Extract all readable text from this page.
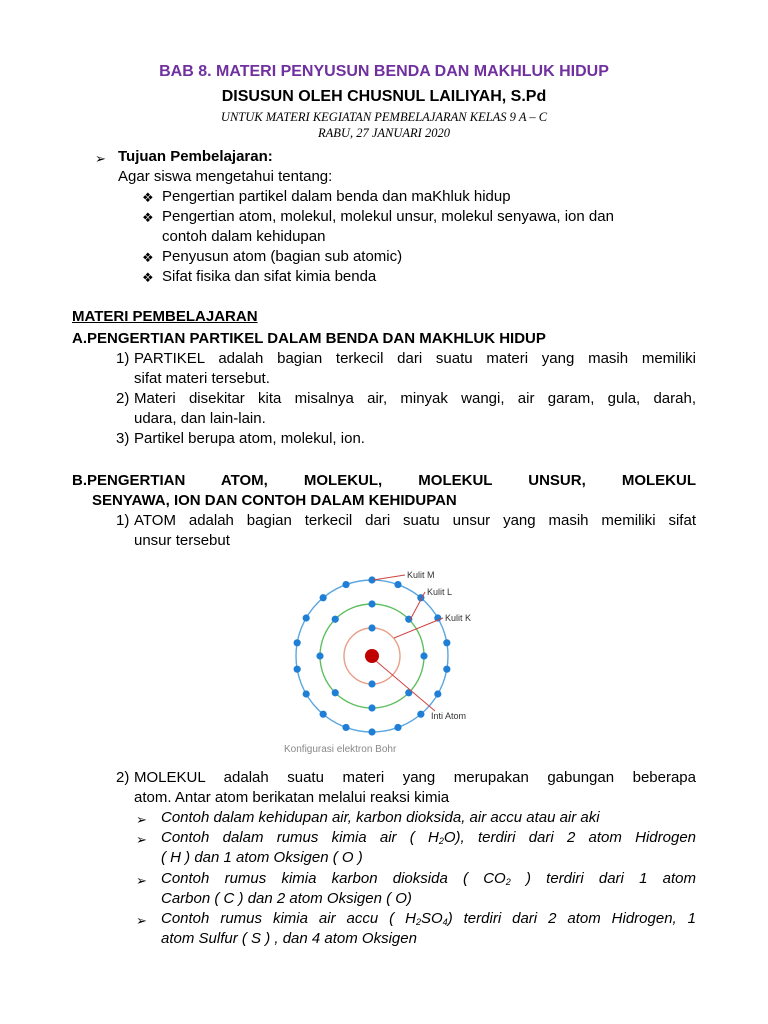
BAB 8. MATERI PENYUSUN BENDA DAN MAKHLUK HIDUP
DISUSUN OLEH CHUSNUL LAILIYAH, S.Pd
UNTUK MATERI KEGIATAN PEMBELAJARAN KELAS 9 A – C
RABU, 27 JANUARI 2020
➢ Tujuan Pembelajaran:
Agar siswa mengetahui tentang:
❖ Pengertian partikel dalam benda dan maKhluk hidup
❖ Pengertian atom, molekul, molekul unsur, molekul senyawa, ion dan
contoh dalam kehidupan
❖ Penyusun atom (bagian sub atomic)
❖ Sifat fisika dan sifat kimia benda
MATERI PEMBELAJARAN
A.PENGERTIAN PARTIKEL DALAM BENDA DAN MAKHLUK HIDUP
1) PARTIKEL adalah bagian terkecil dari suatu materi yang masih memiliki
sifat materi tersebut.
2) Materi disekitar kita misalnya air, minyak wangi, air garam, gula, darah,
udara, dan lain-lain.
3) Partikel berupa atom, molekul, ion.
B.PENGERTIAN ATOM, MOLEKUL, MOLEKUL UNSUR, MOLEKUL
SENYAWA, ION DAN CONTOH DALAM KEHIDUPAN
1) ATOM adalah bagian terkecil dari suatu unsur yang masih memiliki sifat
unsur tersebut
Kulit M
Kulit L
Kulit K
Inti Atom
Konfigurasi elektron Bohr
2) MOLEKUL adalah suatu materi yang merupakan gabungan beberapa
atom. Antar atom berikatan melalui reaksi kimia
➢ Contoh dalam kehidupan air, karbon dioksida, air accu atau air aki
➢ Contoh dalam rumus kimia air ( $H_2O$), terdiri dari 2 atom Hidrogen
( H ) dan 1 atom Oksigen ( O )
➢ Contoh rumus kimia karbon dioksida ( $CO_2$ ) terdiri dari 1 atom
Carbon ( C ) dan 2 atom Oksigen ( O)
➢ Contoh rumus kimia air accu ( $H_2SO_4$) terdiri dari 2 atom Hidrogen, 1
atom Sulfur ( S ) , dan 4 atom Oksigen
